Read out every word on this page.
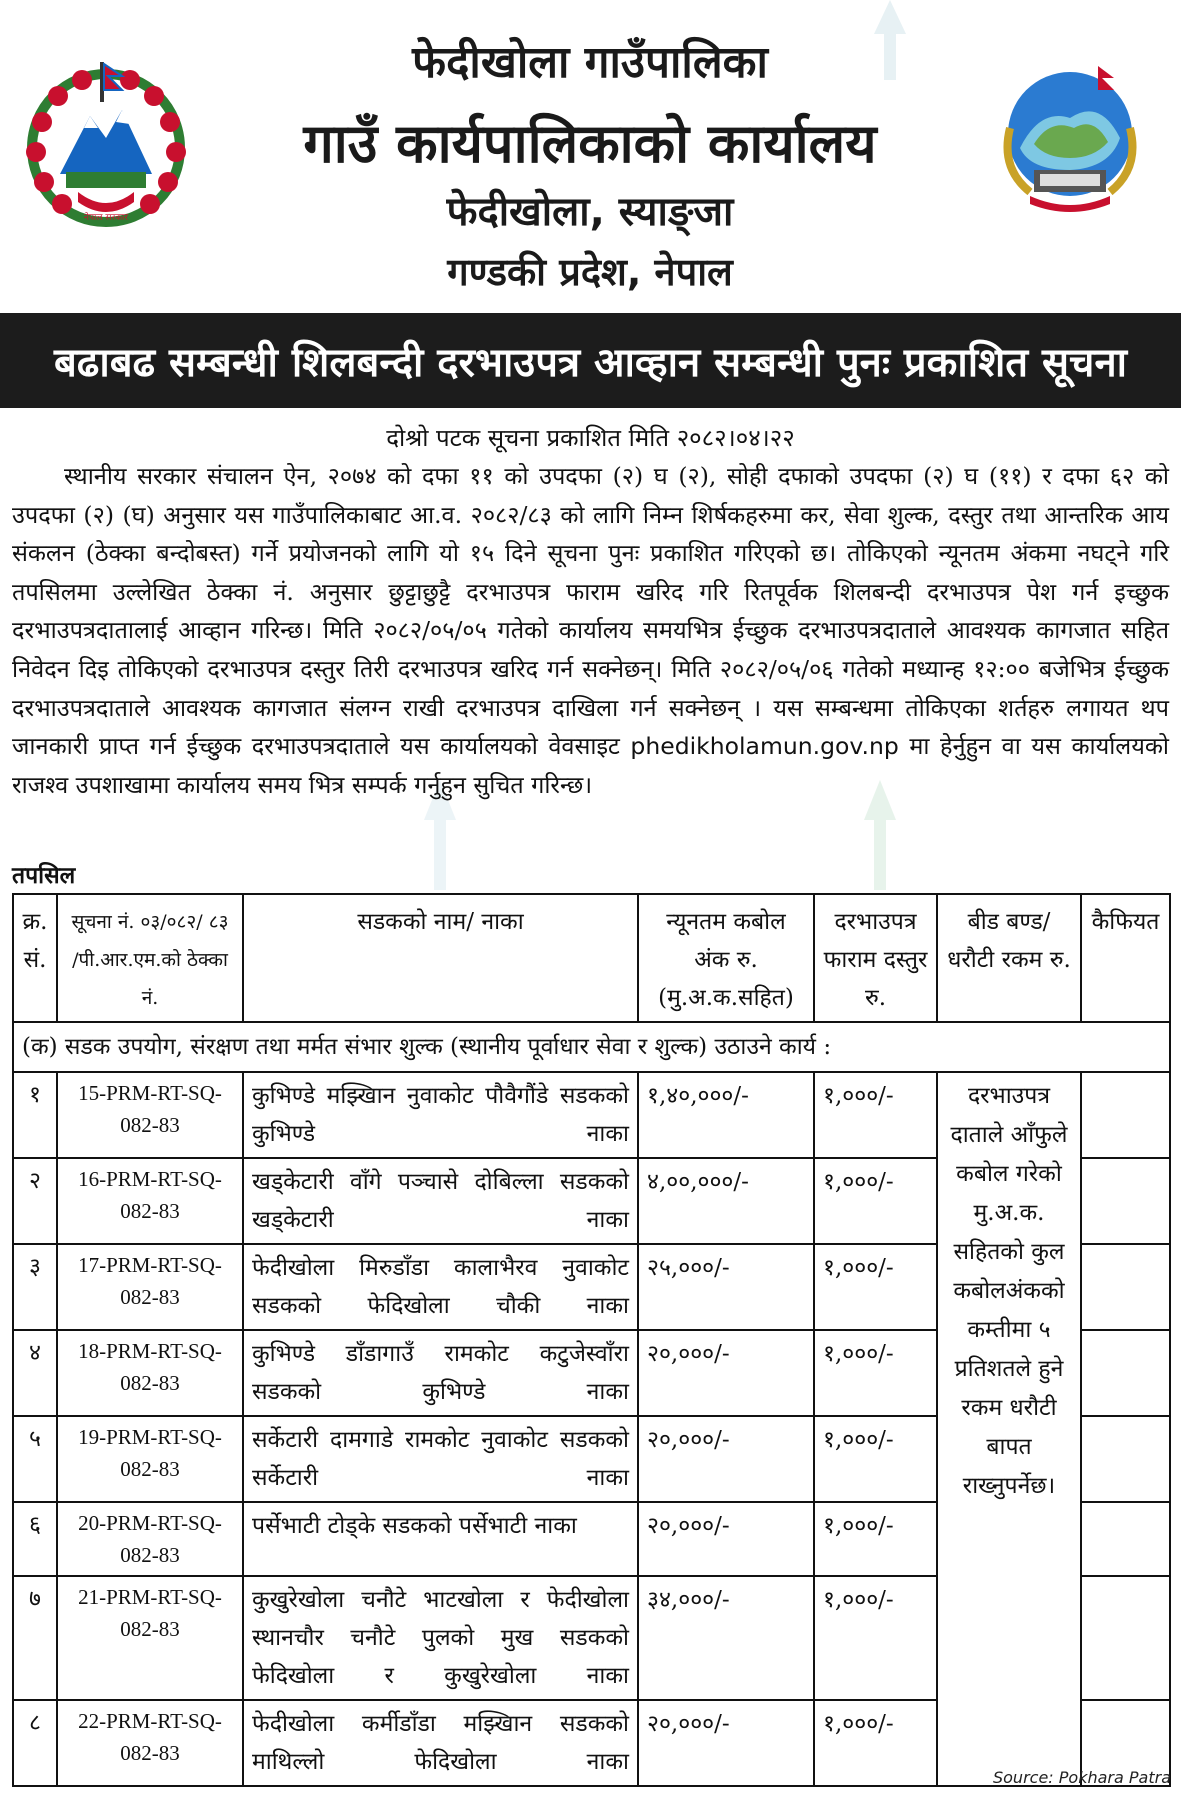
नेपाल सरकार
फेदीखोला गाउँपालिका
गाउँ कार्यपालिकाको कार्यालय
फेदीखोला, स्याङ्जा
गण्डकी प्रदेश, नेपाल
बढाबढ सम्बन्धी शिलबन्दी दरभाउपत्र आव्हान सम्बन्धी पुनः प्रकाशित सूचना
दोश्रो पटक सूचना प्रकाशित मिति २०८२।०४।२२
स्थानीय सरकार संचालन ऐन, २०७४ को दफा ११ को उपदफा (२) घ (२), सोही दफाको उपदफा (२) घ (११) र दफा ६२ को उपदफा (२) (घ) अनुसार यस गाउँपालिकाबाट आ.व. २०८२/८३ को लागि निम्न शिर्षकहरुमा कर, सेवा शुल्क, दस्तुर तथा आन्तरिक आय संकलन (ठेक्का बन्दोबस्त) गर्ने प्रयोजनको लागि यो १५ दिने सूचना पुनः प्रकाशित गरिएको छ। तोकिएको न्यूनतम अंकमा नघट्ने गरि तपसिलमा उल्लेखित ठेक्का नं. अनुसार छुट्टाछुट्टै दरभाउपत्र फाराम खरिद गरि रितपूर्वक शिलबन्दी दरभाउपत्र पेश गर्न इच्छुक दरभाउपत्रदातालाई आव्हान गरिन्छ। मिति २०८२/०५/०५ गतेको कार्यालय समयभित्र ईच्छुक दरभाउपत्रदाताले आवश्यक कागजात सहित निवेदन दिइ तोकिएको दरभाउपत्र दस्तुर तिरी दरभाउपत्र खरिद गर्न सक्नेछन्। मिति २०८२/०५/०६ गतेको मध्यान्ह १२:०० बजेभित्र ईच्छुक दरभाउपत्रदाताले आवश्यक कागजात संलग्न राखी दरभाउपत्र दाखिला गर्न सक्नेछन् । यस सम्बन्धमा तोकिएका शर्तहरु लगायत थप जानकारी प्राप्त गर्न ईच्छुक दरभाउपत्रदाताले यस कार्यालयको वेवसाइट phedikholamun.gov.np मा हेर्नुहुन वा यस कार्यालयको राजश्व उपशाखामा कार्यालय समय भित्र सम्पर्क गर्नुहुन सुचित गरिन्छ।
तपसिल
क्र. सं.	सूचना नं. ०३/०८२/ ८३ /पी.आर.एम.को ठेक्का नं.	सडकको नाम/ नाका	न्यूनतम कबोल अंक रु. (मु.अ.क.सहित)	दरभाउपत्र फाराम दस्तुर रु.	बीड बण्ड/ धरौटी रकम रु.	कैफियत
(क) सडक उपयोग, संरक्षण तथा मर्मत संभार शुल्क (स्थानीय पूर्वाधार सेवा र शुल्क) उठाउने कार्य :						
१	15-PRM-RT-SQ-082-83	कुभिण्डे मझ्खिान नुवाकोट पौवैगौंडे सडकको कुभिण्डे नाका	१,४०,०००/-	१,०००/-	दरभाउपत्र दाताले आँफुले कबोल गरेको मु.अ.क. सहितको कुल कबोलअंकको कम्तीमा ५ प्रतिशतले हुने रकम धरौटी बापत राख्नुपर्नेछ।	
२	16-PRM-RT-SQ-082-83	खड्केटारी वाँगे पञ्चासे दोबिल्ला सडकको खड्केटारी नाका	४,००,०००/-	१,०००/-		
३	17-PRM-RT-SQ-082-83	फेदीखोला मिरुडाँडा कालाभैरव नुवाकोट सडकको फेदिखोला चौकी नाका	२५,०००/-	१,०००/-		
४	18-PRM-RT-SQ-082-83	कुभिण्डे डाँडागाउँ रामकोट कटुजेस्वाँरा सडकको कुभिण्डे नाका	२०,०००/-	१,०००/-		
५	19-PRM-RT-SQ-082-83	सर्केटारी दामगाडे रामकोट नुवाकोट सडकको सर्केटारी नाका	२०,०००/-	१,०००/-		
६	20-PRM-RT-SQ-082-83	पर्सेभाटी टोड्के सडकको पर्सेभाटी नाका	२०,०००/-	१,०००/-		
७	21-PRM-RT-SQ-082-83	कुखुरेखोला चनौटे भाटखोला र फेदीखोला स्थानचौर चनौटे पुलको मुख सडकको फेदिखोला र कुखुरेखोला नाका	३४,०००/-	१,०००/-		
८	22-PRM-RT-SQ-082-83	फेदीखोला कर्मीडाँडा मझ्खिान सडकको माथिल्लो फेदिखोला नाका	२०,०००/-	१,०००/-		
Source: Pokhara Patra
